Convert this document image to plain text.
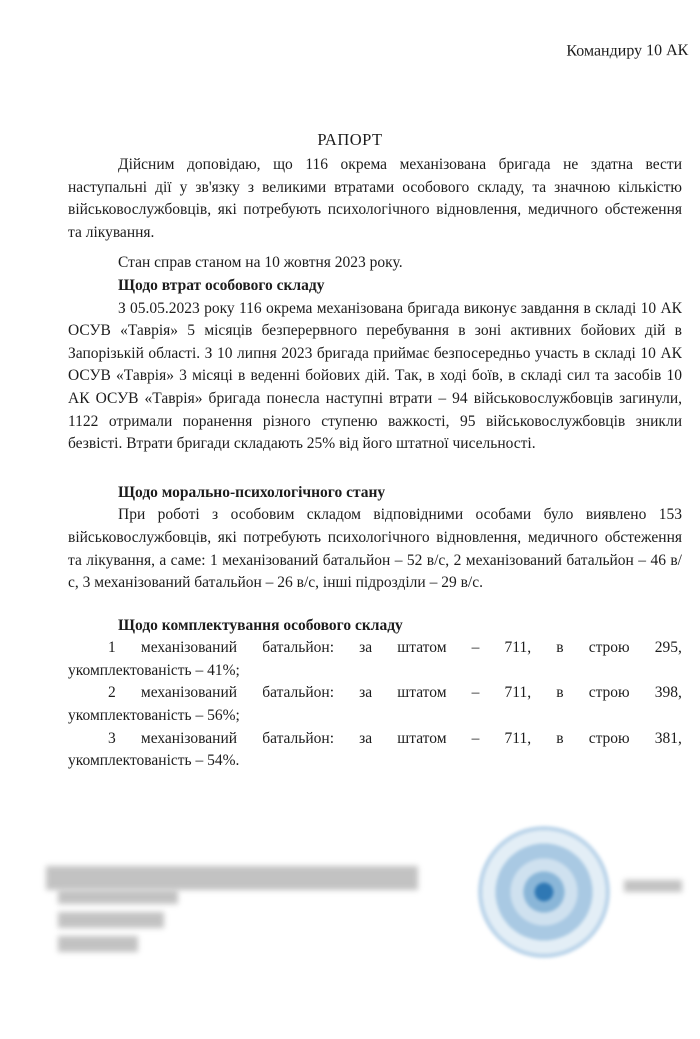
Командиру 10 АК
РАПОРТ

Дійсним доповідаю, що 116 окрема механізована бригада не здатна вести наступальні дії у зв'язку з великими втратами особового складу, та значною кількістю військовослужбовців, які потребують психологічного відновлення, медичного обстеження та лікування.

Стан справ станом на 10 жовтня 2023 року.

Щодо втрат особового складу

З 05.05.2023 року 116 окрема механізована бригада виконує завдання в складі 10 АК ОСУВ «Таврія» 5 місяців безперервного перебування в зоні активних бойових дій в Запорізькій області. З 10 липня 2023 бригада приймає безпосередньо участь в складі 10 АК ОСУВ «Таврія» 3 місяці в веденні бойових дій. Так, в ході боїв, в складі сил та засобів 10 АК ОСУВ «Таврія» бригада понесла наступні втрати – 94 військовослужбовців загинули, 1122 отримали поранення різного ступеню важкості, 95 військовослужбовців зникли безвісті. Втрати бригади складають 25% від його штатної чисельності.

Щодо морально-психологічного стану

При роботі з особовим складом відповідними особами було виявлено 153 військовослужбовців, які потребують психологічного відновлення, медичного обстеження та лікування, а саме: 1 механізований батальйон – 52 в/с, 2 механізований батальйон – 46 в/с, 3 механізований батальйон – 26 в/с, інші підрозділи – 29 в/с.

Щодо комплектування особового складу

1 механізований батальйон: за штатом – 711, в строю 295,

укомплектованість – 41%;

2 механізований батальйон: за штатом – 711, в строю 398,

укомплектованість – 56%;

3 механізований батальйон: за штатом – 711, в строю 381,

укомплектованість – 54%.
